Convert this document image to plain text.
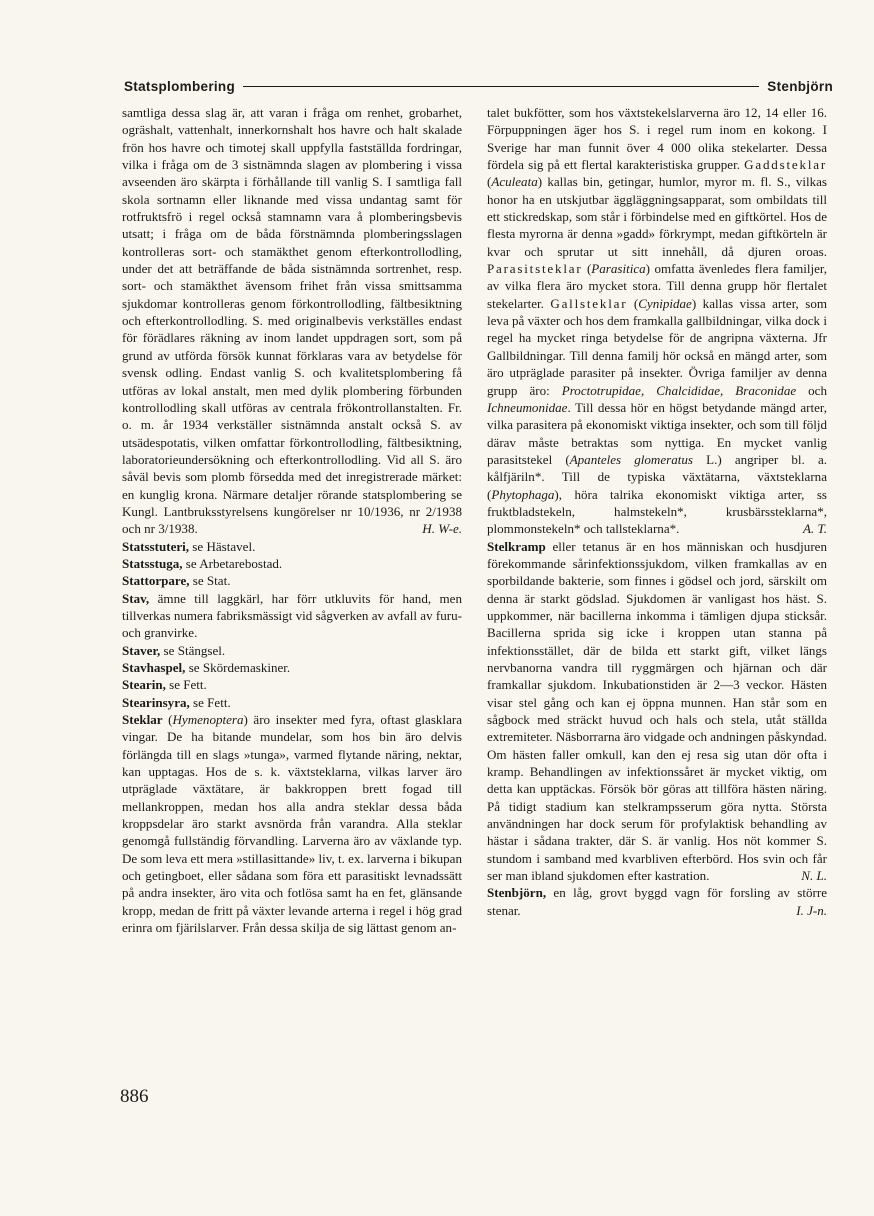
Statsplombering	Stenbjörn

samtliga dessa slag är, att varan i fråga om renhet, grobarhet, ogräshalt, vattenhalt, innerkornshalt hos havre och halt skalade frön hos havre och timotej skall uppfylla fastställda fordringar, vilka i fråga om de 3 sistnämnda slagen av plombering i vissa avseenden äro skärpta i förhållande till vanlig S. I samtliga fall skola sortnamn eller liknande med vissa undantag samt för rotfruktsfrö i regel också stamnamn vara å plomberingsbevis utsatt; i fråga om de båda förstnämnda plomberingsslagen kontrolleras sort- och stamäkthet genom efterkontrollodling, under det att beträffande de båda sistnämnda sortrenhet, resp. sort- och stamäkthet ävensom frihet från vissa smittsamma sjukdomar kontrolleras genom förkontrollodling, fältbesiktning och efterkontrollodling. S. med originalbevis verkställes endast för förädlares räkning av inom landet uppdragen sort, som på grund av utförda försök kunnat förklaras vara av betydelse för svensk odling. Endast vanlig S. och kvalitetsplombering få utföras av lokal anstalt, men med dylik plombering förbunden kontrollodling skall utföras av centrala frökontrollanstalten. Fr. o. m. år 1934 verkställer sistnämnda anstalt också S. av utsädespotatis, vilken omfattar förkontrollodling, fältbesiktning, laboratorieundersökning och efterkontrollodling. Vid all S. äro såväl bevis som plomb försedda med det inregistrerade märket: en kunglig krona. Närmare detaljer rörande statsplombering se Kungl. Lantbruksstyrelsens kungörelser nr 10/1936, nr 2/1938 och nr 3/1938.	H. W-e.

Statsstuteri, se Hästavel.

Statsstuga, se Arbetarebostad.

Stattorpare, se Stat.

Stav, ämne till laggkärl, har förr utkluvits för hand, men tillverkas numera fabriksmässigt vid sågverken av avfall av furu- och granvirke.

Staver, se Stängsel.

Stavhaspel, se Skördemaskiner.

Stearin, se Fett.

Stearinsyra, se Fett.

Steklar (Hymenoptera) äro insekter med fyra, oftast glasklara vingar. De ha bitande mundelar, som hos bin äro delvis förlängda till en slags »tunga», varmed flytande näring, nektar, kan upptagas. Hos de s. k. växtsteklarna, vilkas larver äro utpräglade växtätare, är bakkroppen brett fogad till mellankroppen, medan hos alla andra steklar dessa båda kroppsdelar äro starkt avsnörda från varandra. Alla steklar genomgå fullständig förvandling. Larverna äro av växlande typ. De som leva ett mera »stillasittande» liv, t. ex. larverna i bikupan och getingboet, eller sådana som föra ett parasitiskt levnadssätt på andra insekter, äro vita och fotlösa samt ha en fet, glänsande kropp, medan de fritt på växter levande arterna i regel i hög grad erinra om fjärilslarver. Från dessa skilja de sig lättast genom an-

talet bukfötter, som hos växtstekelslarverna äro 12, 14 eller 16. Förpuppningen äger hos S. i regel rum inom en kokong. I Sverige har man funnit över 4 000 olika stekelarter. Dessa fördela sig på ett flertal karakteristiska grupper. Gaddsteklar (Aculeata) kallas bin, getingar, humlor, myror m. fl. S., vilkas honor ha en utskjutbar äggläggningsapparat, som ombildats till ett stickredskap, som står i förbindelse med en giftkörtel. Hos de flesta myrorna är denna »gadd» förkrympt, medan giftkörteln är kvar och sprutar ut sitt innehåll, då djuren oroas. Parasitsteklar (Parasitica) omfatta ävenledes flera familjer, av vilka flera äro mycket stora. Till denna grupp hör flertalet stekelarter. Gallsteklar (Cynipidae) kallas vissa arter, som leva på växter och hos dem framkalla gallbildningar, vilka dock i regel ha mycket ringa betydelse för de angripna växterna. Jfr Gallbildningar. Till denna familj hör också en mängd arter, som äro utpräglade parasiter på insekter. Övriga familjer av denna grupp äro: Proctotrupidae, Chalcididae, Braconidae och Ichneumonidae. Till dessa hör en högst betydande mängd arter, vilka parasitera på ekonomiskt viktiga insekter, och som till följd därav måste betraktas som nyttiga. En mycket vanlig parasitstekel (Apanteles glomeratus L.) angriper bl. a. kålfjäriln*. Till de typiska växtätarna, växtsteklarna (Phytophaga), höra talrika ekonomiskt viktiga arter, ss fruktbladstekeln, halmstekeln*, krusbärssteklarna*, plommonstekeln* och tallsteklarna*.	A. T.

Stelkramp eller tetanus är en hos människan och husdjuren förekommande sårinfektionssjukdom, vilken framkallas av en sporbildande bakterie, som finnes i gödsel och jord, särskilt om denna är starkt gödslad. Sjukdomen är vanligast hos häst. S. uppkommer, när bacillerna inkomma i tämligen djupa sticksår. Bacillerna sprida sig icke i kroppen utan stanna på infektionsstället, där de bilda ett starkt gift, vilket längs nervbanorna vandra till ryggmärgen och hjärnan och där framkallar sjukdom. Inkubationstiden är 2—3 veckor. Hästen visar stel gång och kan ej öppna munnen. Han står som en sågbock med sträckt huvud och hals och stela, utåt ställda extremiteter. Näsborrarna äro vidgade och andningen påskyndad. Om hästen faller omkull, kan den ej resa sig utan dör ofta i kramp. Behandlingen av infektionssåret är mycket viktig, om detta kan upptäckas. Försök bör göras att tillföra hästen näring. På tidigt stadium kan stelkrampsserum göra nytta. Största användningen har dock serum för profylaktisk behandling av hästar i sådana trakter, där S. är vanlig. Hos nöt kommer S. stundom i samband med kvarbliven efterbörd. Hos svin och får ser man ibland sjukdomen efter kastration.	N. L.

Stenbjörn, en låg, grovt byggd vagn för forsling av större stenar.	I. J-n.

886
